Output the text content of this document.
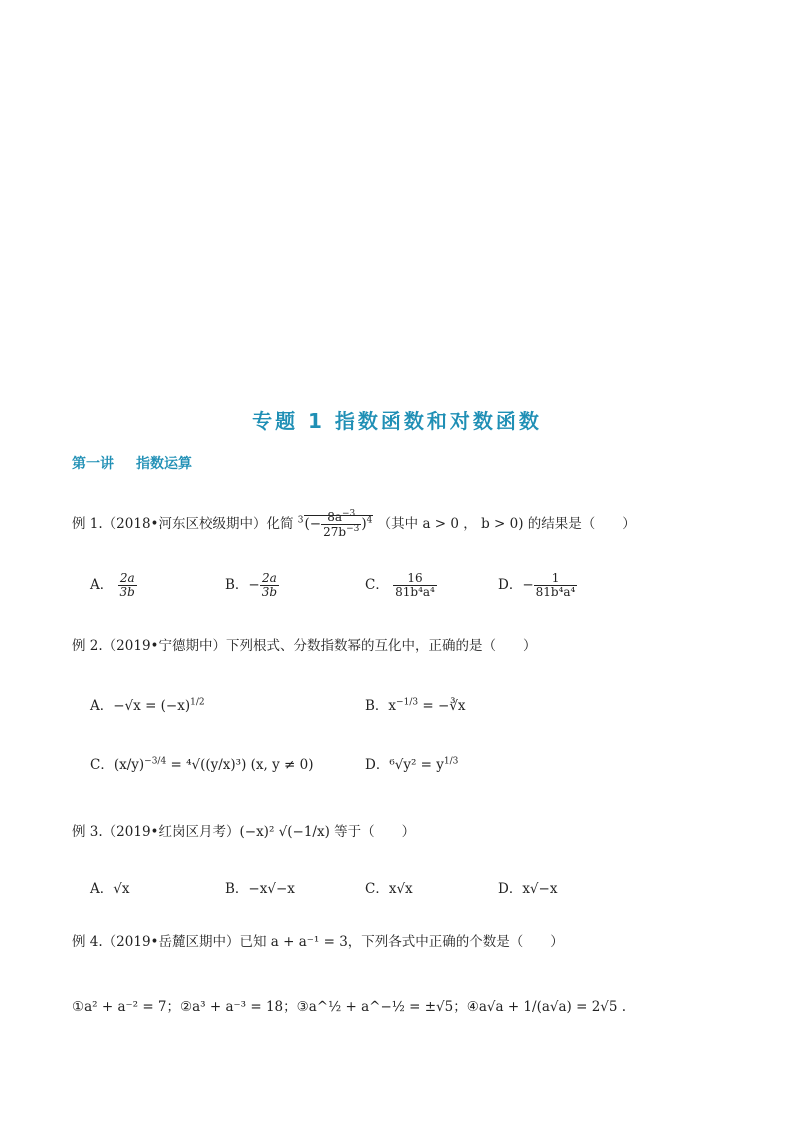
专题 1 指数函数和对数函数
第一讲 指数运算
例 1.（2018•河东区校级期中）化简 $^3(- \frac{8a^{-3}}{27b^{-3}} )^4$ （其中 a > 0 ， b > 0) 的结果是（　　）
A． $\frac{2a}{3b}$	B．− $\frac{2a}{3b}$	C． $\frac{16}{\text{81b⁴a⁴}}$	D．− $\frac{1}{\text{81b⁴a⁴}}$
例 2.（2019•宁德期中）下列根式、分数指数幂的互化中，正确的是（　　）
A．$-√x = (-x)^{1/2}$	B．$x^{-1/3}$ = −∛x
C．$(x/y)^{-3/4} = ^4√((y/x)^3)$ (x, y ≠ 0)	D．$^6√y^2 = y^{1/3}$
例 3.（2019•红岗区月考）(−x)² √(−1/x) 等于（　　）
A．√x	B．−x√−x	C．x√x	D．x√−x
例 4.（2019•岳麓区期中）已知 a + a⁻¹ = 3，下列各式中正确的个数是（　　）
①a² + a⁻² = 7；②a³ + a⁻³ = 18；③a^½ + a^−½ = ±√5；④a√a + 1/(a√a) = 2√5 .
